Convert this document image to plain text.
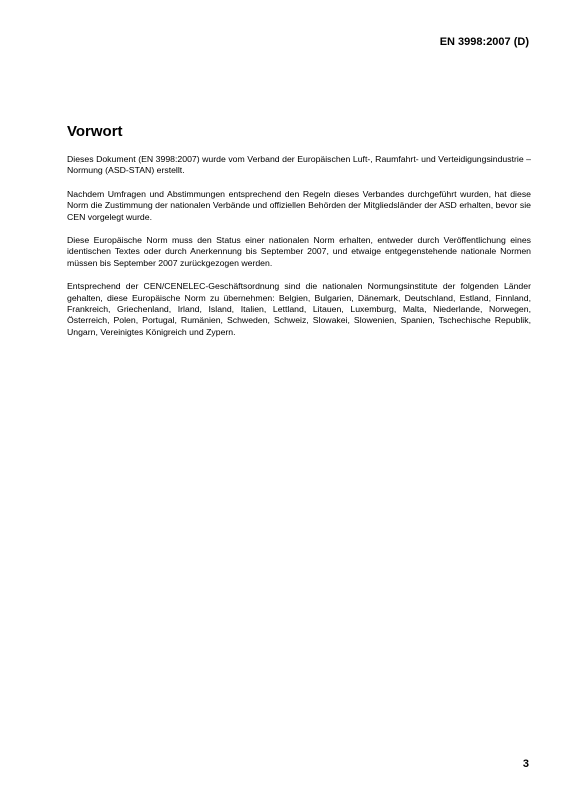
EN 3998:2007 (D)
Vorwort

Dieses Dokument (EN 3998:2007) wurde vom Verband der Europäischen Luft-, Raumfahrt- und Verteidigungsindustrie – Normung (ASD-STAN) erstellt.

Nachdem Umfragen und Abstimmungen entsprechend den Regeln dieses Verbandes durchgeführt wurden, hat diese Norm die Zustimmung der nationalen Verbände und offiziellen Behörden der Mitgliedsländer der ASD erhalten, bevor sie CEN vorgelegt wurde.

Diese Europäische Norm muss den Status einer nationalen Norm erhalten, entweder durch Veröffentlichung eines identischen Textes oder durch Anerkennung bis September 2007, und etwaige entgegenstehende nationale Normen müssen bis September 2007 zurückgezogen werden.

Entsprechend der CEN/CENELEC-Geschäftsordnung sind die nationalen Normungsinstitute der folgenden Länder gehalten, diese Europäische Norm zu übernehmen: Belgien, Bulgarien, Dänemark, Deutschland, Estland, Finnland, Frankreich, Griechenland, Irland, Island, Italien, Lettland, Litauen, Luxemburg, Malta, Niederlande, Norwegen, Österreich, Polen, Portugal, Rumänien, Schweden, Schweiz, Slowakei, Slowenien, Spanien, Tschechische Republik, Ungarn, Vereinigtes Königreich und Zypern.

3
